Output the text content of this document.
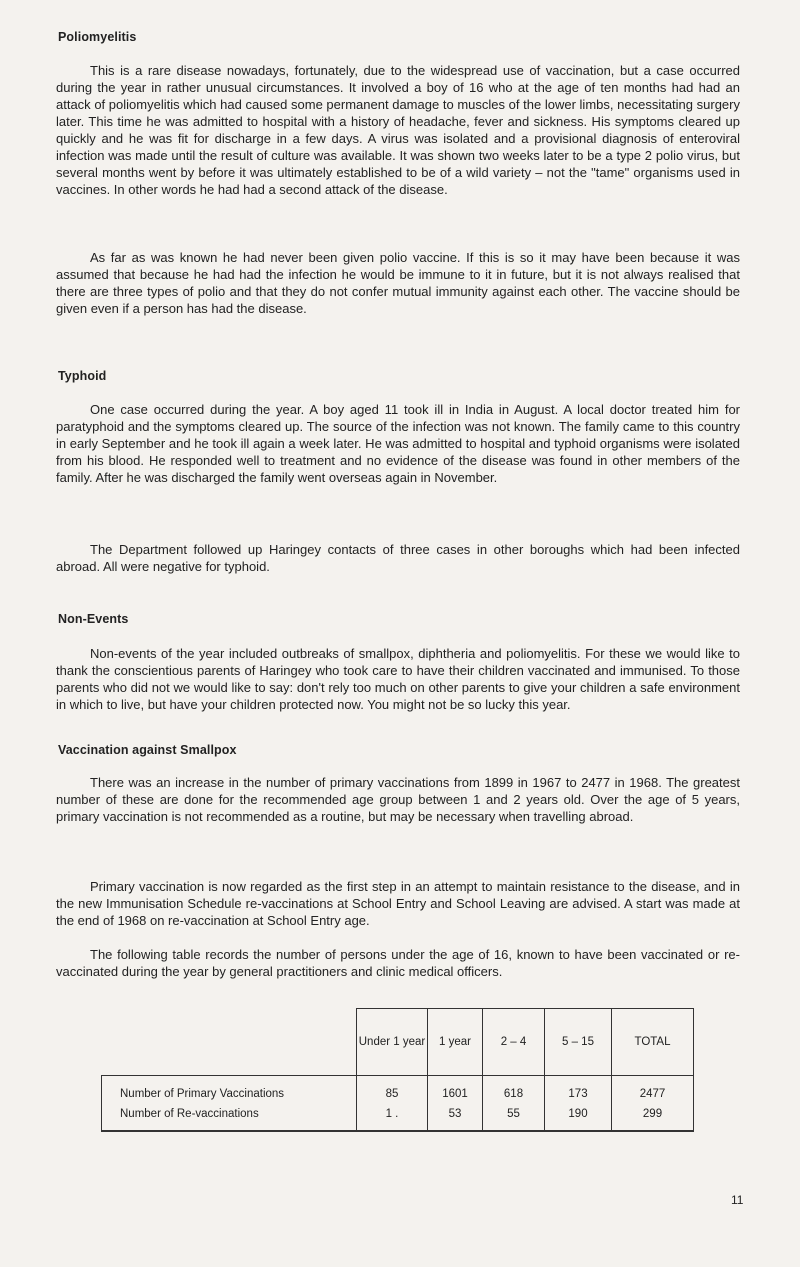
Poliomyelitis

This is a rare disease nowadays, fortunately, due to the widespread use of vaccination, but a case occurred during the year in rather unusual circumstances. It involved a boy of 16 who at the age of ten months had had an attack of poliomyelitis which had caused some permanent damage to muscles of the lower limbs, necessitating surgery later. This time he was admitted to hospital with a history of headache, fever and sickness. His symptoms cleared up quickly and he was fit for discharge in a few days. A virus was isolated and a provisional diagnosis of enteroviral infection was made until the result of culture was available. It was shown two weeks later to be a type 2 polio virus, but several months went by before it was ultimately established to be of a wild variety – not the "tame" organisms used in vaccines. In other words he had had a second attack of the disease.

As far as was known he had never been given polio vaccine. If this is so it may have been because it was assumed that because he had had the infection he would be immune to it in future, but it is not always realised that there are three types of polio and that they do not confer mutual immunity against each other. The vaccine should be given even if a person has had the disease.

Typhoid

One case occurred during the year. A boy aged 11 took ill in India in August. A local doctor treated him for paratyphoid and the symptoms cleared up. The source of the infection was not known. The family came to this country in early September and he took ill again a week later. He was admitted to hospital and typhoid organisms were isolated from his blood. He responded well to treatment and no evidence of the disease was found in other members of the family. After he was discharged the family went overseas again in November.

The Department followed up Haringey contacts of three cases in other boroughs which had been infected abroad. All were negative for typhoid.

Non-Events

Non-events of the year included outbreaks of smallpox, diphtheria and poliomyelitis. For these we would like to thank the conscientious parents of Haringey who took care to have their children vaccinated and immunised. To those parents who did not we would like to say: don't rely too much on other parents to give your children a safe environment in which to live, but have your children protected now. You might not be so lucky this year.

Vaccination against Smallpox

There was an increase in the number of primary vaccinations from 1899 in 1967 to 2477 in 1968. The greatest number of these are done for the recommended age group between 1 and 2 years old. Over the age of 5 years, primary vaccination is not recommended as a routine, but may be necessary when travelling abroad.

Primary vaccination is now regarded as the first step in an attempt to maintain resistance to the disease, and in the new Immunisation Schedule re-vaccinations at School Entry and School Leaving are advised. A start was made at the end of 1968 on re-vaccination at School Entry age.

The following table records the number of persons under the age of 16, known to have been vaccinated or re-vaccinated during the year by general practitioners and clinic medical officers.

	Under 1 year	1 year	2 – 4	5 – 15	TOTAL
Number of Primary Vaccinations	85	1601	618	173	2477
Number of Re-vaccinations	1 .	53	55	190	299
11
